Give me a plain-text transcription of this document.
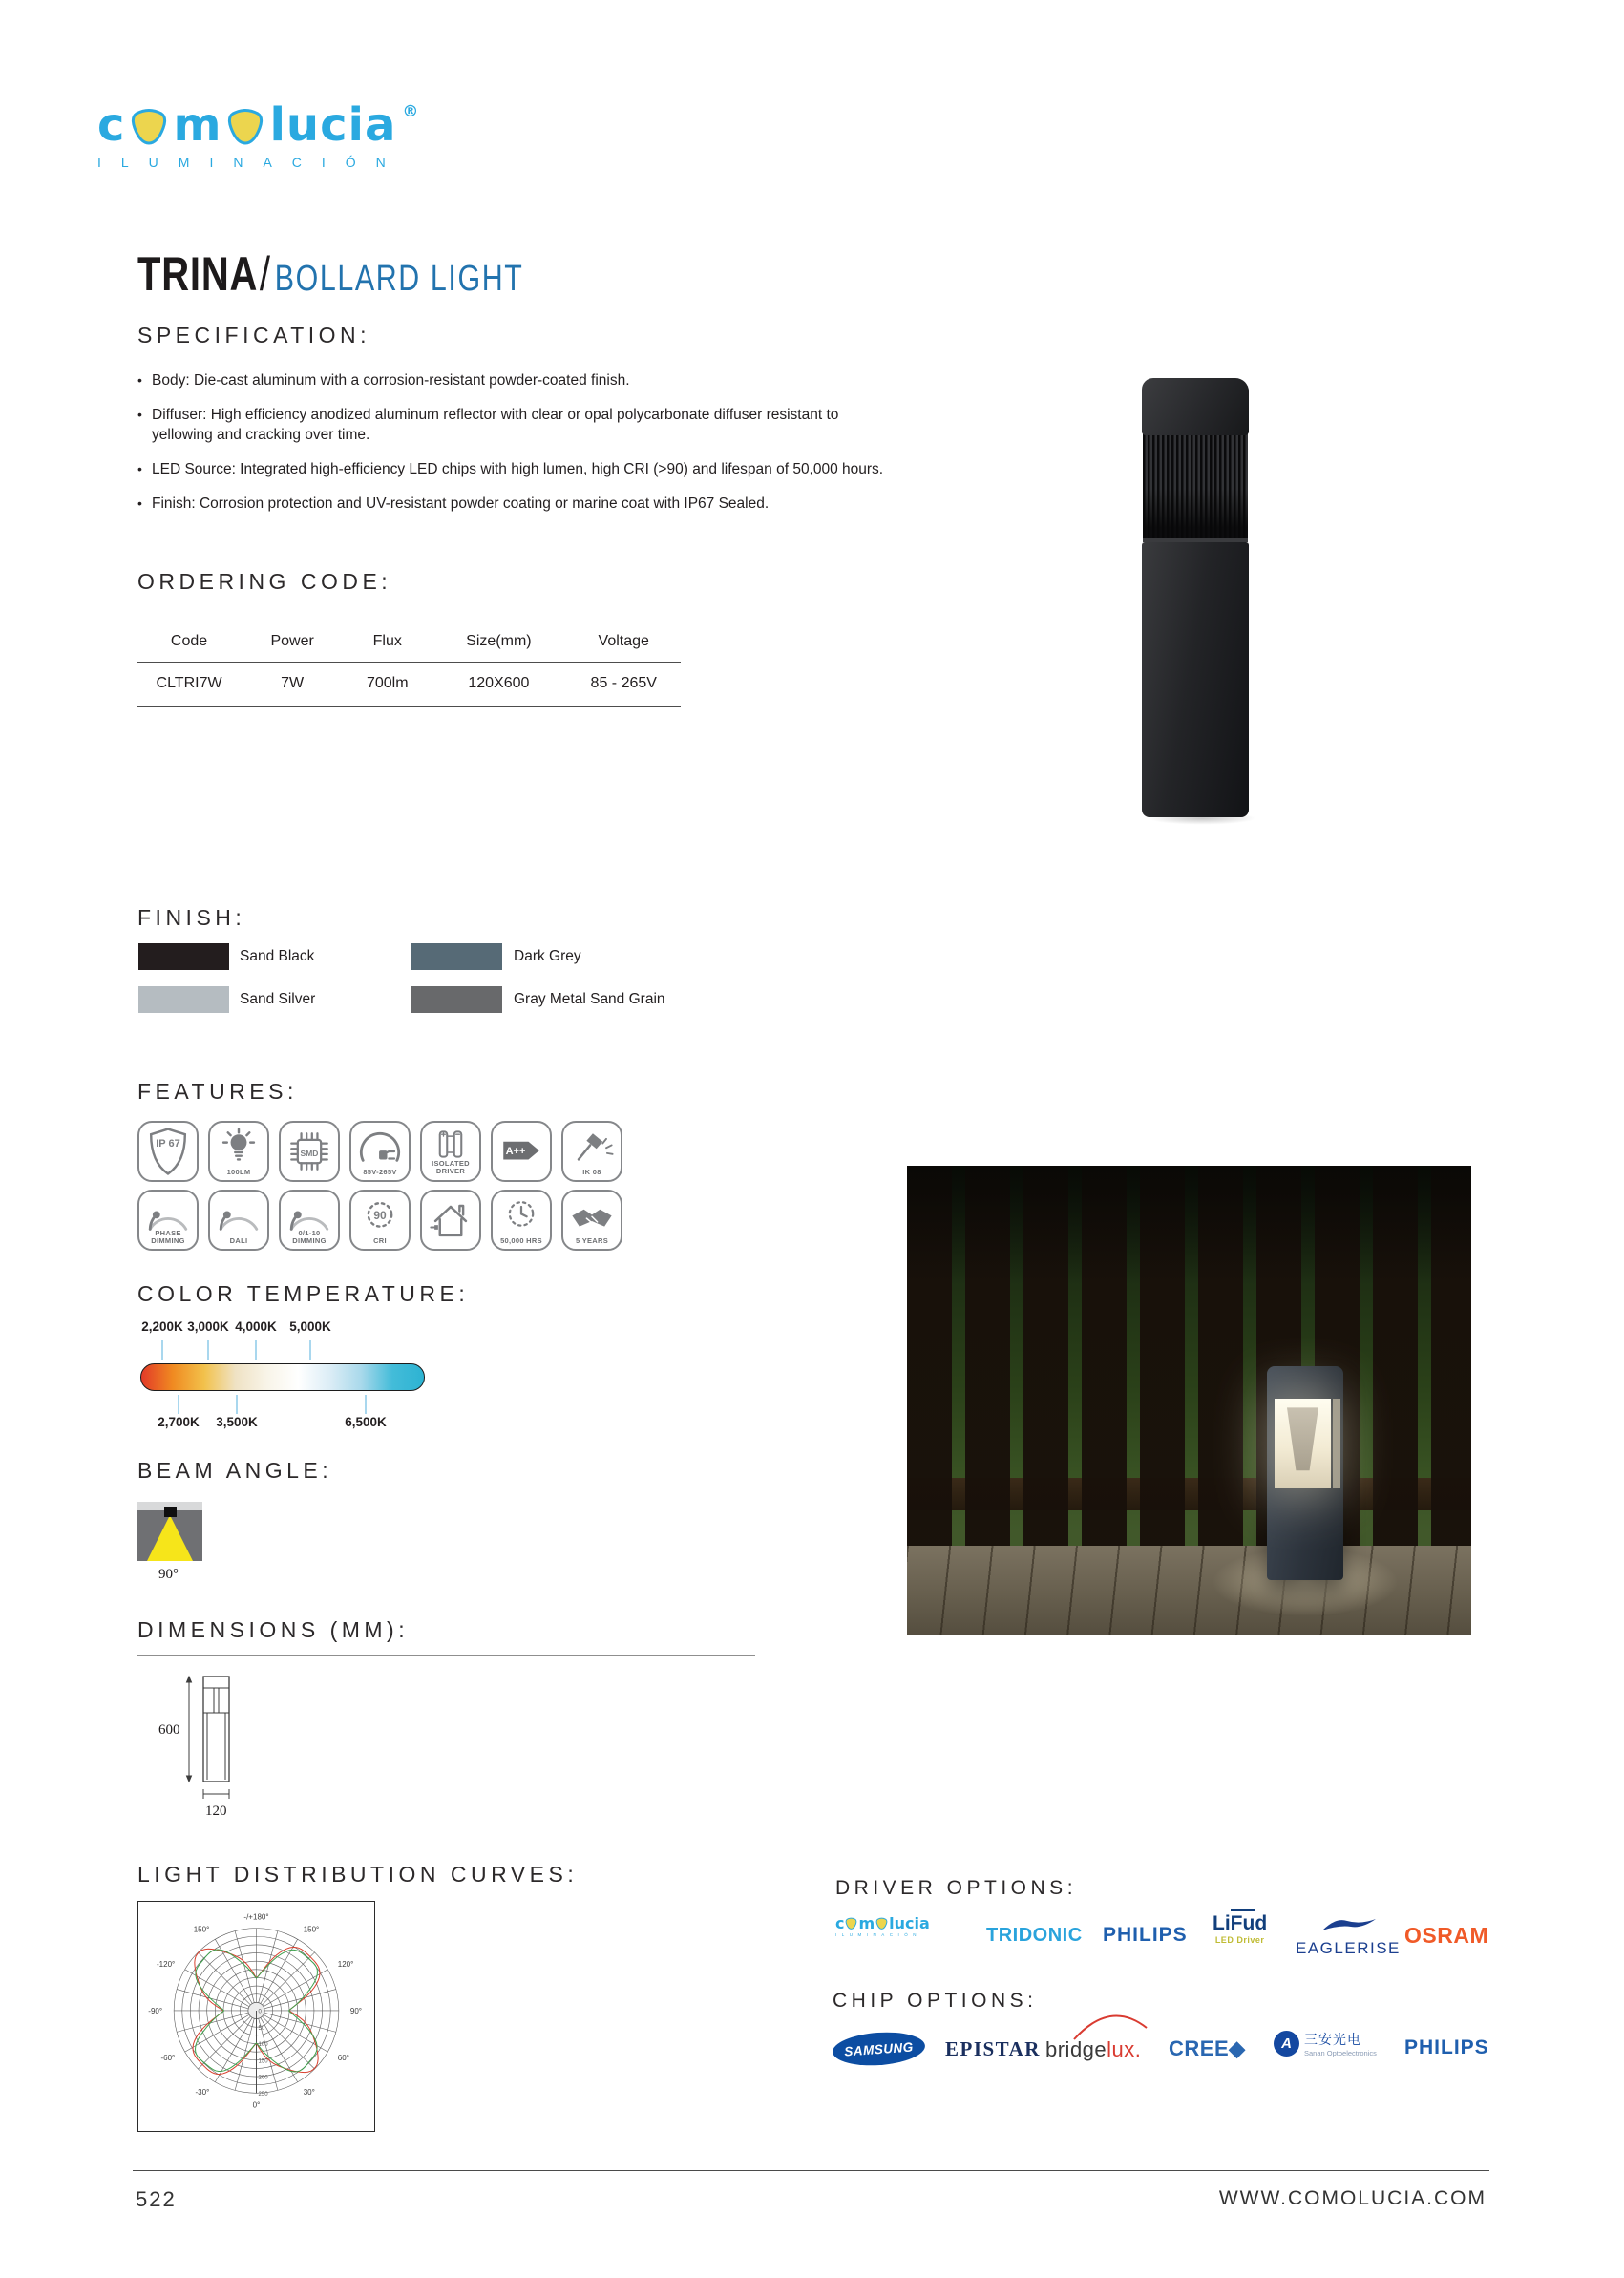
c m lucia ®
ILUMINACIÓN
TRINA / BOLLARD LIGHT
SPECIFICATION:
• Body: Die-cast aluminum with a corrosion-resistant powder-coated finish.
• Diffuser: High efficiency anodized aluminum reflector with clear or opal polycarbonate diffuser resistant to yellowing and cracking over time.
• LED Source: Integrated high-efficiency LED chips with high lumen, high CRI (>90) and lifespan of 50,000 hours.
• Finish: Corrosion protection and UV-resistant powder coating or marine coat with IP67 Sealed.
ORDERING CODE:
Code	Power	Flux	Size(mm)	Voltage
CLTRI7W	7W	700lm	120X600	85 - 265V
FINISH:
Sand Black	Dark Grey
Sand Silver	Gray Metal Sand Grain
FEATURES:
IP 67
100LM
SMD
85V-265V
ISOLATED DRIVER
A++
IK 08
PHASE DIMMING	DALI
0/1-10 DIMMING
90
CRI	50,000 HRS	5 YEARS
COLOR TEMPERATURE:
2,200K 3,000K 4,000K 5,000K
2,700K 3,500K	6,500K
BEAM ANGLE:
90°
DIMENSIONS (MM):
600
120
LIGHT DISTRIBUTION CURVES:
-/+180°
150°
120°
90°
60°
30°
0°
-30°
-60°
-90°
-120°
-150°
0
50
100
150
200
250
DRIVER OPTIONS:
c m lucia
ILUMINACIÓN	TRIDONIC PHILIPS
LiFud
LED Driver EAGLERISE
OSRAM
CHIP OPTIONS:
SAMSUNG EPISTAR bridgelux. CREE◆	A 三安光电
Sanan Optoelectronics PHILIPS
522	WWW.COMOLUCIA.COM
